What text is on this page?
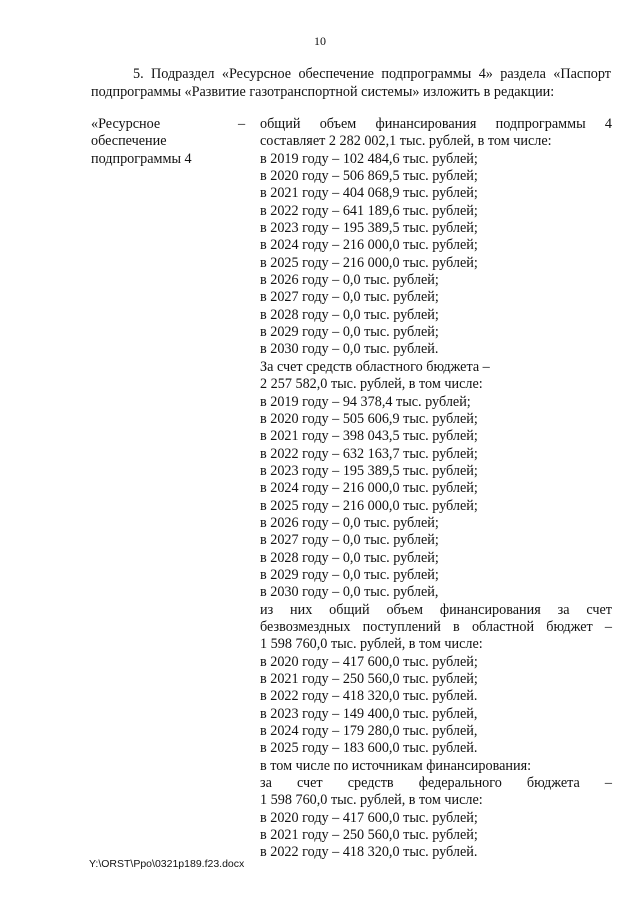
10
5. Подраздел «Ресурсное обеспечение подпрограммы 4» раздела «Паспорт
подпрограммы «Развитие газотранспортной системы» изложить в редакции:
«Ресурсное
обеспечение
подпрограммы 4
– общий объем финансирования подпрограммы 4
составляет 2 282 002,1 тыс. рублей, в том числе:
в 2019 году – 102 484,6 тыс. рублей;
в 2020 году – 506 869,5 тыс. рублей;
в 2021 году – 404 068,9 тыс. рублей;
в 2022 году – 641 189,6 тыс. рублей;
в 2023 году – 195 389,5 тыс. рублей;
в 2024 году – 216 000,0 тыс. рублей;
в 2025 году – 216 000,0 тыс. рублей;
в 2026 году – 0,0 тыс. рублей;
в 2027 году – 0,0 тыс. рублей;
в 2028 году – 0,0 тыс. рублей;
в 2029 году – 0,0 тыс. рублей;
в 2030 году – 0,0 тыс. рублей.
За счет средств областного бюджета –
2 257 582,0 тыс. рублей, в том числе:
в 2019 году – 94 378,4 тыс. рублей;
в 2020 году – 505 606,9 тыс. рублей;
в 2021 году – 398 043,5 тыс. рублей;
в 2022 году – 632 163,7 тыс. рублей;
в 2023 году – 195 389,5 тыс. рублей;
в 2024 году – 216 000,0 тыс. рублей;
в 2025 году – 216 000,0 тыс. рублей;
в 2026 году – 0,0 тыс. рублей;
в 2027 году – 0,0 тыс. рублей;
в 2028 году – 0,0 тыс. рублей;
в 2029 году – 0,0 тыс. рублей;
в 2030 году – 0,0 тыс. рублей,
из них общий объем финансирования за счет
безвозмездных поступлений в областной бюджет –
1 598 760,0 тыс. рублей, в том числе:
в 2020 году – 417 600,0 тыс. рублей;
в 2021 году – 250 560,0 тыс. рублей;
в 2022 году – 418 320,0 тыс. рублей.
в 2023 году – 149 400,0 тыс. рублей,
в 2024 году – 179 280,0 тыс. рублей,
в 2025 году – 183 600,0 тыс. рублей.
в том числе по источникам финансирования:
за счет средств федерального бюджета –
1 598 760,0 тыс. рублей, в том числе:
в 2020 году – 417 600,0 тыс. рублей;
в 2021 году – 250 560,0 тыс. рублей;
в 2022 году – 418 320,0 тыс. рублей.
Y:\ORST\Ppo\0321p189.f23.docx
